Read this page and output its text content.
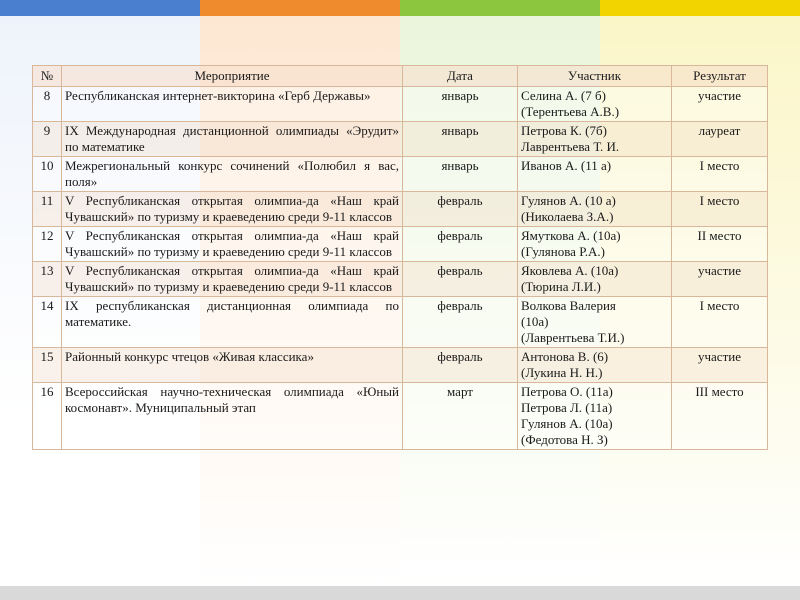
№	Мероприятие	Дата	Участник	Результат
8	Республиканская интернет-викторина «Герб Державы»	январь	Селина А. (7 б)
(Терентьева А.В.)	участие
9	IX Международная дистанционной олимпиады «Эрудит» по математике	январь	Петрова К. (7б)
Лаврентьева Т. И.	лауреат
10	Межрегиональный конкурс сочинений «Полюбил я вас, поля»	январь	Иванов А. (11 а)	I место
11	V Республиканская открытая олимпиа-да «Наш край Чувашский» по туризму и краеведению среди 9-11 классов	февраль	Гулянов А. (10 а)
(Николаева З.А.)	I место
12	V Республиканская открытая олимпиа-да «Наш край Чувашский» по туризму и краеведению среди 9-11 классов	февраль	Ямуткова А. (10а)
(Гулянова Р.А.)	II место
13	V Республиканская открытая олимпиа-да «Наш край Чувашский» по туризму и краеведению среди 9-11 классов	февраль	Яковлева А. (10а)
(Тюрина Л.И.)	участие
14	IX республиканская дистанционная олимпиада по математике.	февраль	Волкова Валерия
(10а)
(Лаврентьева Т.И.)	I место
15	Районный конкурс чтецов «Живая классика»	февраль	Антонова В. (6)
(Лукина Н. Н.)	участие
16	Всероссийская научно-техническая олимпиада «Юный космонавт». Муниципальный этап	март	Петрова О. (11а)
Петрова Л. (11а)
Гулянов А. (10а)
(Федотова Н. З)	III место
